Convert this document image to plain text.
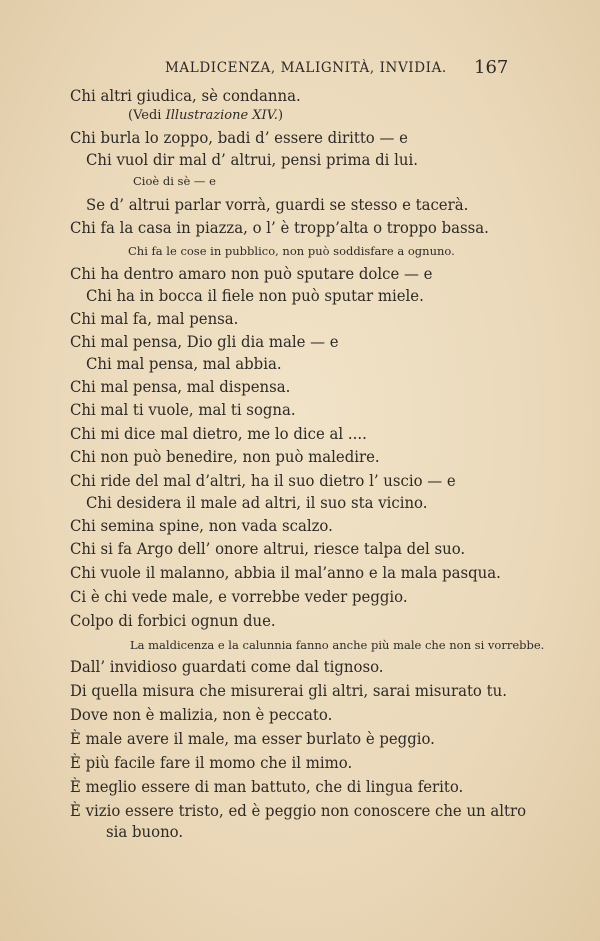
MALDICENZA, MALIGNITÀ, INVIDIA. 167
Chi altri giudica, sè condanna.
(Vedi Illustrazione XIV.)
Chi burla lo zoppo, badi d’ essere diritto — e
Chi vuol dir mal d’ altrui, pensi prima di lui.
Cioè di sè — e
Se d’ altrui parlar vorrà, guardi se stesso e tacerà.
Chi fa la casa in piazza, o l’ è tropp’alta o troppo bassa.
Chi fa le cose in pubblico, non può soddisfare a ognuno.
Chi ha dentro amaro non può sputare dolce — e
Chi ha in bocca il fiele non può sputar miele.
Chi mal fa, mal pensa.
Chi mal pensa, Dio gli dia male — e
Chi mal pensa, mal abbia.
Chi mal pensa, mal dispensa.
Chi mal ti vuole, mal ti sogna.
Chi mi dice mal dietro, me lo dice al ....
Chi non può benedire, non può maledire.
Chi ride del mal d’altri, ha il suo dietro l’ uscio — e
Chi desidera il male ad altri, il suo sta vicino.
Chi semina spine, non vada scalzo.
Chi si fa Argo dell’ onore altrui, riesce talpa del suo.
Chi vuole il malanno, abbia il mal’anno e la mala pasqua.
Ci è chi vede male, e vorrebbe veder peggio.
Colpo di forbici ognun due.
La maldicenza e la calunnia fanno anche più male che non si vorrebbe.
Dall’ invidioso guardati come dal tignoso.
Di quella misura che misurerai gli altri, sarai misurato tu.
Dove non è malizia, non è peccato.
È male avere il male, ma esser burlato è peggio.
È più facile fare il momo che il mimo.
È meglio essere di man battuto, che di lingua ferito.
È vizio essere tristo, ed è peggio non conoscere che un altro
sia buono.
